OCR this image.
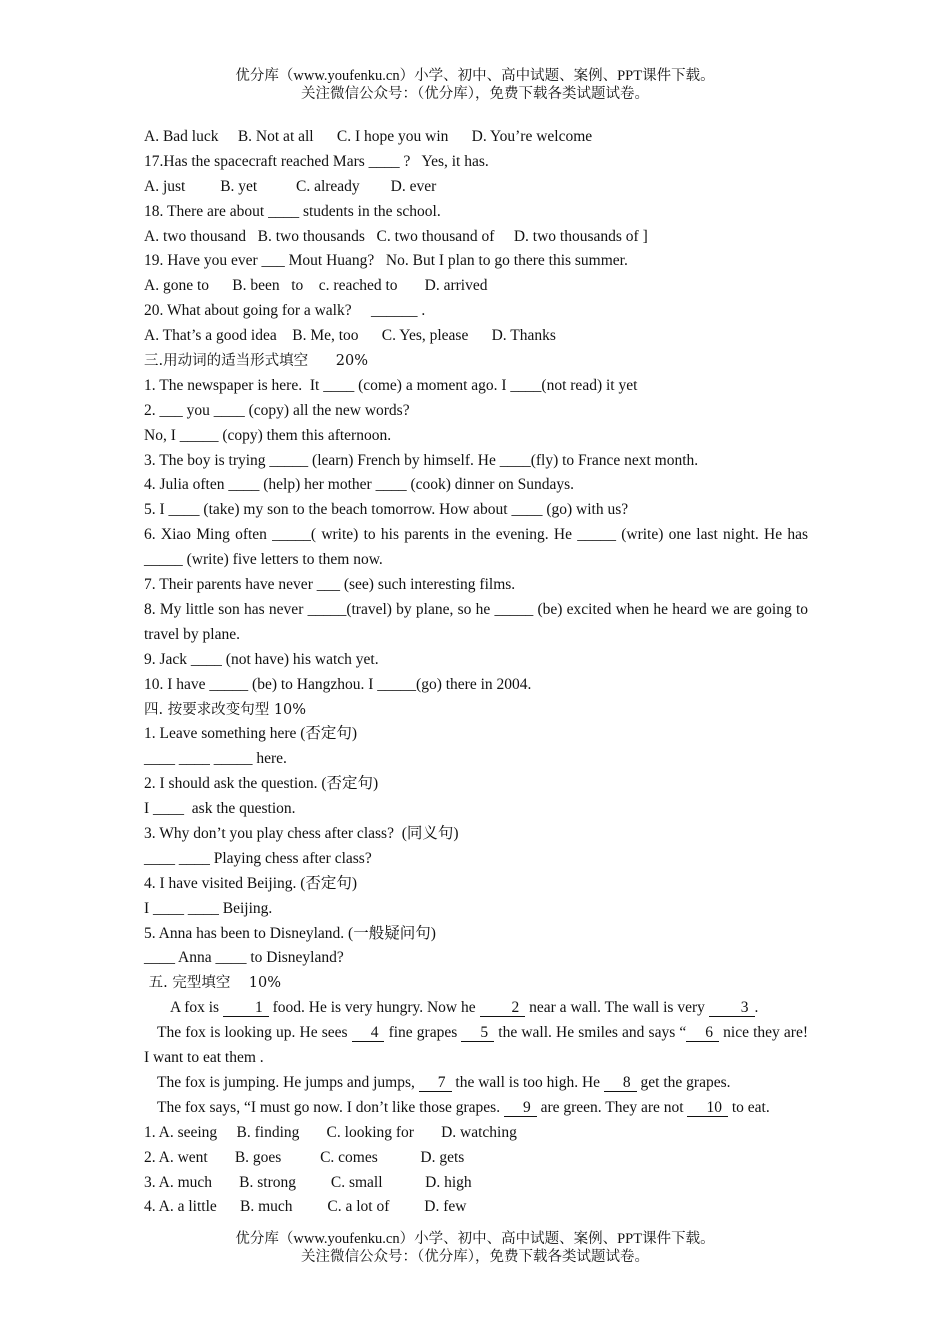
优分库（www.youfenku.cn）小学、初中、高中试题、案例、PPT课件下载。
关注微信公众号：（优分库），免费下载各类试题试卷。
A. Bad luck     B. Not at all      C. I hope you win      D. You’re welcome
17.Has the spacecraft reached Mars ____ ?   Yes, it has.
A. just         B. yet          C. already        D. ever
18. There are about ____ students in the school.
A. two thousand   B. two thousands   C. two thousand of     D. two thousands of ]
19. Have you ever ___ Mout Huang?   No. But I plan to go there this summer.
A. gone to      B. been   to    c. reached to       D. arrived
20. What about going for a walk?     ______ .
A. That’s a good idea    B. Me, too      C. Yes, please      D. Thanks
三.用动词的适当形式填空      20%
1. The newspaper is here.  It ____ (come) a moment ago. I ____(not read) it yet
2. ___ you ____ (copy) all the new words?
No, I _____ (copy) them this afternoon.
3. The boy is trying _____ (learn) French by himself. He ____(fly) to France next month.
4. Julia often ____ (help) her mother ____ (cook) dinner on Sundays.
5. I ____ (take) my son to the beach tomorrow. How about ____ (go) with us?
6. Xiao Ming often _____( write) to his parents in the evening. He _____ (write) one last night. He has _____ (write) five letters to them now.
7. Their parents have never ___ (see) such interesting films.
8. My little son has never _____(travel) by plane, so he _____ (be) excited when he heard we are going to travel by plane.
9. Jack ____ (not have) his watch yet.
10. I have _____ (be) to Hangzhou. I _____(go) there in 2004.
四. 按要求改变句型 10%
1. Leave something here (否定句)
____ ____ _____ here.
2. I should ask the question. (否定句)
I ____  ask the question.
3. Why don’t you play chess after class?  (同义句)
____ ____ Playing chess after class?
4. I have visited Beijing. (否定句)
I ____ ____ Beijing.
5. Anna has been to Disneyland. (一般疑问句)
____ Anna ____ to Disneyland?
五. 完型填空    10%
A fox is 1 food. He is very hungry. Now he 2 near a wall. The wall is very 3 .
The fox is looking up. He sees 4 fine grapes 5 the wall. He smiles and says “ 6 nice they are! I want to eat them .
The fox is jumping. He jumps and jumps, 7 the wall is too high. He 8 get the grapes.
The fox says, “I must go now. I don’t like those grapes. 9 are green. They are not 10 to eat.
1. A. seeing     B. finding       C. looking for       D. watching
2. A. went       B. goes          C. comes           D. gets
3. A. much       B. strong         C. small           D. high
4. A. a little      B. much         C. a lot of         D. few
优分库（www.youfenku.cn）小学、初中、高中试题、案例、PPT课件下载。
关注微信公众号：（优分库），免费下载各类试题试卷。
